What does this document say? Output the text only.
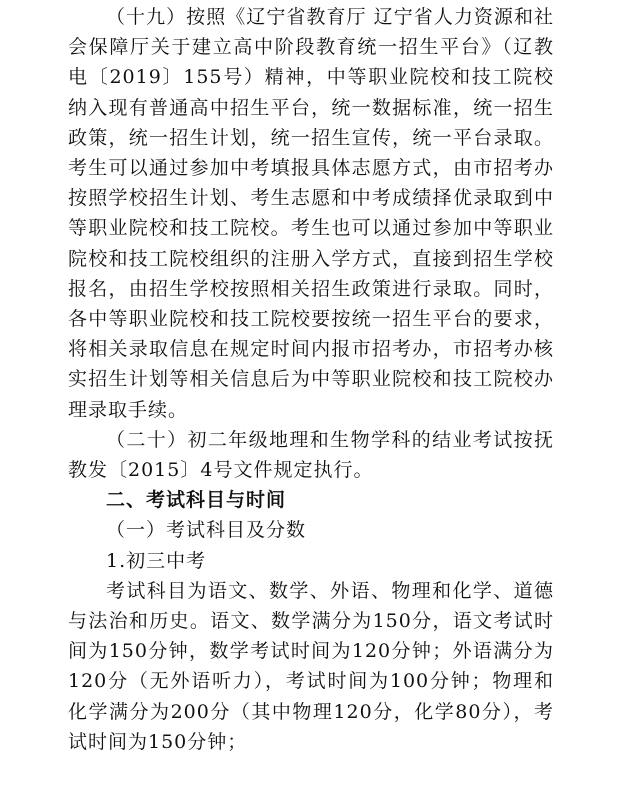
（十九）按照《辽宁省教育厅 辽宁省人力资源和社会保障厅关于建立高中阶段教育统一招生平台》（辽教电〔2019〕155号）精神，中等职业院校和技工院校纳入现有普通高中招生平台，统一数据标准，统一招生政策，统一招生计划，统一招生宣传，统一平台录取。考生可以通过参加中考填报具体志愿方式，由市招考办按照学校招生计划、考生志愿和中考成绩择优录取到中等职业院校和技工院校。考生也可以通过参加中等职业院校和技工院校组织的注册入学方式，直接到招生学校报名，由招生学校按照相关招生政策进行录取。同时，各中等职业院校和技工院校要按统一招生平台的要求，将相关录取信息在规定时间内报市招考办，市招考办核实招生计划等相关信息后为中等职业院校和技工院校办理录取手续。

（二十）初二年级地理和生物学科的结业考试按抚教发〔2015〕4号文件规定执行。

二、考试科目与时间

（一）考试科目及分数

1.初三中考

考试科目为语文、数学、外语、物理和化学、道德与法治和历史。语文、数学满分为150分，语文考试时间为150分钟，数学考试时间为120分钟；外语满分为120分（无外语听力），考试时间为100分钟；物理和化学满分为200分（其中物理120分，化学80分），考试时间为150分钟；
